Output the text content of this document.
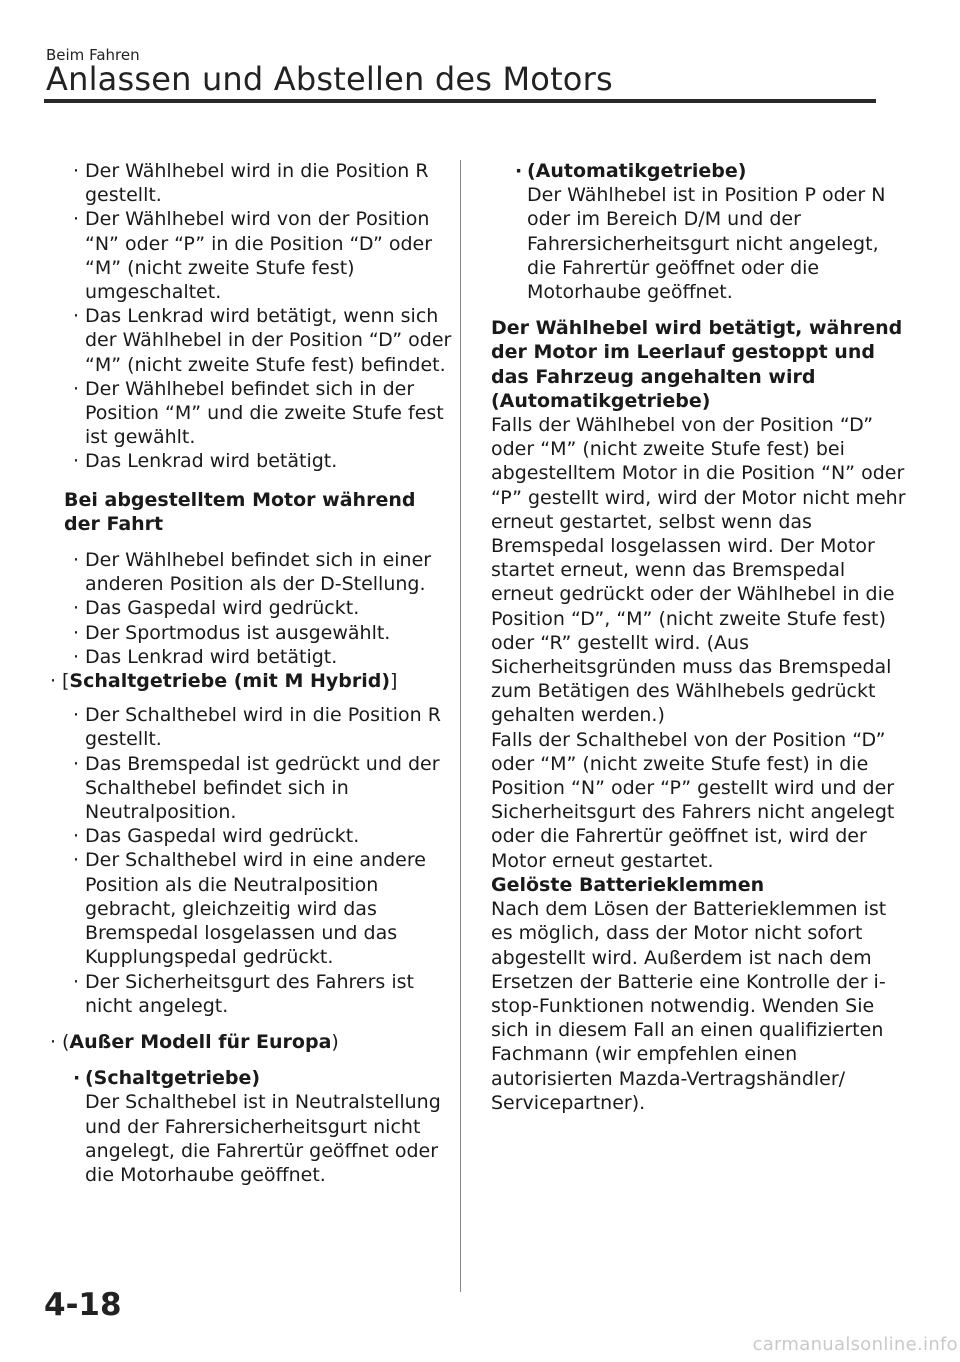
Beim Fahren
Anlassen und Abstellen des Motors

· Der Wählhebel wird in die Position R gestellt.

· Der Wählhebel wird von der Position “N” oder “P” in die Position “D” oder “M” (nicht zweite Stufe fest) umgeschaltet.

· Das Lenkrad wird betätigt, wenn sich der Wählhebel in der Position “D” oder “M” (nicht zweite Stufe fest) befindet.

· Der Wählhebel befindet sich in der Position “M” und die zweite Stufe fest ist gewählt.

· Das Lenkrad wird betätigt.

Bei abgestelltem Motor während der Fahrt

· Der Wählhebel befindet sich in einer anderen Position als der D-Stellung.

· Das Gaspedal wird gedrückt.

· Der Sportmodus ist ausgewählt.

· Das Lenkrad wird betätigt.

· [Schaltgetriebe (mit M Hybrid)]

· Der Schalthebel wird in die Position R gestellt.

· Das Bremspedal ist gedrückt und der Schalthebel befindet sich in Neutralposition.

· Das Gaspedal wird gedrückt.

· Der Schalthebel wird in eine andere Position als die Neutralposition gebracht, gleichzeitig wird das Bremspedal losgelassen und das Kupplungspedal gedrückt.

· Der Sicherheitsgurt des Fahrers ist nicht angelegt.

· (Außer Modell für Europa)

· (Schaltgetriebe)

Der Schalthebel ist in Neutralstellung und der Fahrersicherheitsgurt nicht angelegt, die Fahrertür geöffnet oder die Motorhaube geöffnet.

· (Automatikgetriebe)

Der Wählhebel ist in Position P oder N oder im Bereich D/M und der Fahrersicherheitsgurt nicht angelegt, die Fahrertür geöffnet oder die Motorhaube geöffnet.

Der Wählhebel wird betätigt, während der Motor im Leerlauf gestoppt und das Fahrzeug angehalten wird (Automatikgetriebe)

Falls der Wählhebel von der Position “D” oder “M” (nicht zweite Stufe fest) bei abgestelltem Motor in die Position “N” oder “P” gestellt wird, wird der Motor nicht mehr erneut gestartet, selbst wenn das Bremspedal losgelassen wird. Der Motor startet erneut, wenn das Bremspedal erneut gedrückt oder der Wählhebel in die Position “D”, “M” (nicht zweite Stufe fest) oder “R” gestellt wird. (Aus Sicherheitsgründen muss das Bremspedal zum Betätigen des Wählhebels gedrückt gehalten werden.)

Falls der Schalthebel von der Position “D” oder “M” (nicht zweite Stufe fest) in die Position “N” oder “P” gestellt wird und der Sicherheitsgurt des Fahrers nicht angelegt oder die Fahrertür geöffnet ist, wird der Motor erneut gestartet.

Gelöste Batterieklemmen

Nach dem Lösen der Batterieklemmen ist es möglich, dass der Motor nicht sofort abgestellt wird. Außerdem ist nach dem Ersetzen der Batterie eine Kontrolle der i-stop-Funktionen notwendig. Wenden Sie sich in diesem Fall an einen qualifizierten Fachmann (wir empfehlen einen autorisierten Mazda-Vertragshändler/ Servicepartner).

4-18
carmanualsonline.info
